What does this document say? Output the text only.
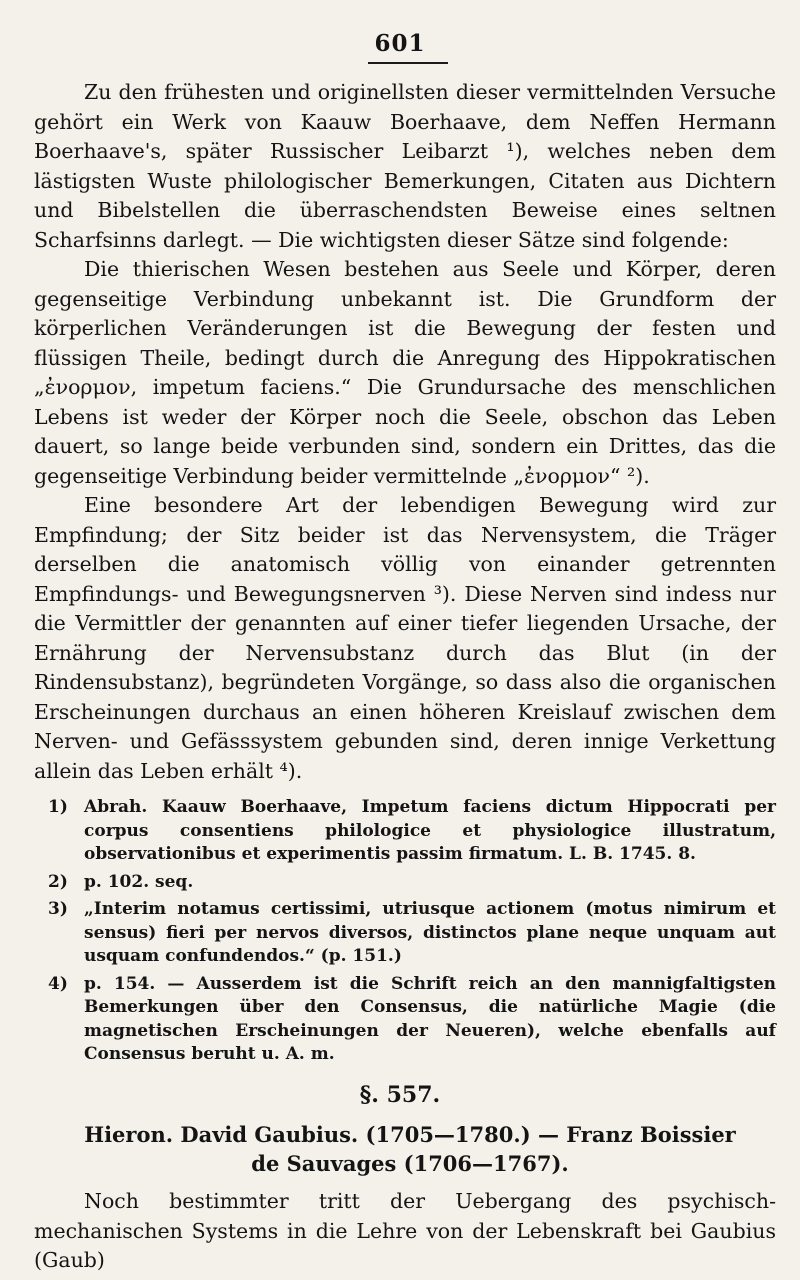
601

Zu den frühesten und originellsten dieser vermittelnden Versuche gehört ein Werk von Kaauw Boerhaave, dem Neffen Hermann Boerhaave's, später Russischer Leibarzt ¹), welches neben dem lästigsten Wuste philologischer Bemerkungen, Citaten aus Dichtern und Bibelstellen die überraschendsten Beweise eines seltnen Scharfsinns darlegt. — Die wichtigsten dieser Sätze sind folgende:

Die thierischen Wesen bestehen aus Seele und Körper, deren gegenseitige Verbindung unbekannt ist. Die Grundform der körperlichen Veränderungen ist die Bewegung der festen und flüssigen Theile, bedingt durch die Anregung des Hippokratischen „ἐνορμον, impetum faciens.“ Die Grundursache des menschlichen Lebens ist weder der Körper noch die Seele, obschon das Leben dauert, so lange beide verbunden sind, sondern ein Drittes, das die gegenseitige Verbindung beider vermittelnde „ἐνορμον“ ²).

Eine besondere Art der lebendigen Bewegung wird zur Empfindung; der Sitz beider ist das Nervensystem, die Träger derselben die anatomisch völlig von einander getrennten Empfindungs- und Bewegungsnerven ³). Diese Nerven sind indess nur die Vermittler der genannten auf einer tiefer liegenden Ursache, der Ernährung der Nervensubstanz durch das Blut (in der Rindensubstanz), begründeten Vorgänge, so dass also die organischen Erscheinungen durchaus an einen höheren Kreislauf zwischen dem Nerven- und Gefässsystem gebunden sind, deren innige Verkettung allein das Leben erhält ⁴).

1) Abrah. Kaauw Boerhaave, Impetum faciens dictum Hippocrati per corpus consentiens philologice et physiologice illustratum, observationibus et experimentis passim firmatum. L. B. 1745. 8.
2) p. 102. seq.
3) „Interim notamus certissimi, utriusque actionem (motus nimirum et sensus) fieri per nervos diversos, distinctos plane neque unquam aut usquam confundendos.“ (p. 151.)
4) p. 154. — Ausserdem ist die Schrift reich an den mannigfaltigsten Bemerkungen über den Consensus, die natürliche Magie (die magnetischen Erscheinungen der Neueren), welche ebenfalls auf Consensus beruht u. A. m.
§. 557.
Hieron. David Gaubius. (1705—1780.) — Franz Boissier
de Sauvages (1706—1767).

Noch bestimmter tritt der Uebergang des psychisch-mechanischen Systems in die Lehre von der Lebenskraft bei Gaubius (Gaub)
